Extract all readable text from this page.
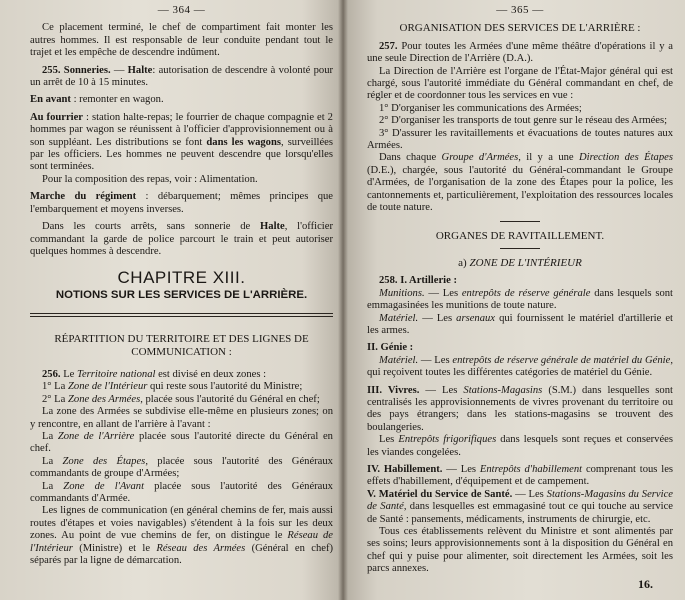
— 364 —

Ce placement terminé, le chef de compartiment fait monter les autres hommes. Il est responsable de leur conduite pendant tout le trajet et les empêche de descendre indûment.

255. Sonneries. — Halte: autorisation de descendre à volonté pour un arrêt de 10 à 15 minutes.

En avant : remonter en wagon.

Au fourrier : station halte-repas; le fourrier de chaque compagnie et 2 hommes par wagon se réunissent à l'officier d'approvisionnement ou à son suppléant. Les distributions se font dans les wagons, surveillées par les officiers. Les hommes ne peuvent descendre que lorsqu'elles sont terminées.

Pour la composition des repas, voir : Alimentation.

Marche du régiment : débarquement; mêmes principes que l'embarquement et moyens inverses.

Dans les courts arrêts, sans sonnerie de Halte, l'officier commandant la garde de police parcourt le train et peut autoriser quelques hommes à descendre.

CHAPITRE XIII.
NOTIONS SUR LES SERVICES DE L'ARRIÈRE.
RÉPARTITION DU TERRITOIRE ET DES LIGNES DE COMMUNICATION :

256. Le Territoire national est divisé en deux zones :

1° La Zone de l'Intérieur qui reste sous l'autorité du Ministre;

2° La Zone des Armées, placée sous l'autorité du Général en chef;

La zone des Armées se subdivise elle-même en plusieurs zones; on y rencontre, en allant de l'arrière à l'avant :

La Zone de l'Arrière placée sous l'autorité directe du Général en chef.

La Zone des Étapes, placée sous l'autorité des Généraux commandants de groupe d'Armées;

La Zone de l'Avant placée sous l'autorité des Généraux commandants d'Armée.

Les lignes de communication (en général chemins de fer, mais aussi routes d'étapes et voies navigables) s'étendent à la fois sur les deux zones. Au point de vue chemins de fer, on distingue le Réseau de l'Intérieur (Ministre) et le Réseau des Armées (Général en chef) séparés par la ligne de démarcation.

— 365 —
ORGANISATION DES SERVICES DE L'ARRIÈRE :

257. Pour toutes les Armées d'une même théâtre d'opérations il y a une seule Direction de l'Arrière (D.A.).

La Direction de l'Arrière est l'organe de l'État-Major général qui est chargé, sous l'autorité immédiate du Général commandant en chef, de régler et de coordonner tous les services en vue :

1° D'organiser les communications des Armées;

2° D'organiser les transports de tout genre sur le réseau des Armées;

3° D'assurer les ravitaillements et évacuations de toutes natures aux Armées.

Dans chaque Groupe d'Armées, il y a une Direction des Étapes (D.E.), chargée, sous l'autorité du Général-commandant le Groupe d'Armées, de l'organisation de la zone des Étapes pour la police, les cantonnements et, particulièrement, l'exploitation des ressources locales de toute nature.

ORGANES DE RAVITAILLEMENT.
a) ZONE DE L'INTÉRIEUR

258. I. Artillerie :

Munitions. — Les entrepôts de réserve générale dans lesquels sont emmagasinées les munitions de toute nature.

Matériel. — Les arsenaux qui fournissent le matériel d'artillerie et les armes.

II. Génie :

Matériel. — Les entrepôts de réserve générale de matériel du Génie, qui reçoivent toutes les différentes catégories de matériel du Génie.

III. Vivres. — Les Stations-Magasins (S.M.) dans lesquelles sont centralisés les approvisionnements de vivres provenant du territoire ou des pays étrangers; dans les stations-magasins se trouvent des boulangeries.

Les Entrepôts frigorifiques dans lesquels sont reçues et conservées les viandes congelées.

IV. Habillement. — Les Entrepôts d'habillement comprenant tous les effets d'habillement, d'équipement et de campement.

V. Matériel du Service de Santé. — Les Stations-Magasins du Service de Santé, dans lesquelles est emmagasiné tout ce qui touche au service de Santé : pansements, médicaments, instruments de chirurgie, etc.

Tous ces établissements relèvent du Ministre et sont alimentés par ses soins; leurs approvisionnements sont à la disposition du Général en chef qui y puise pour alimenter, soit directement les Armées, soit les parcs annexes.

16.
